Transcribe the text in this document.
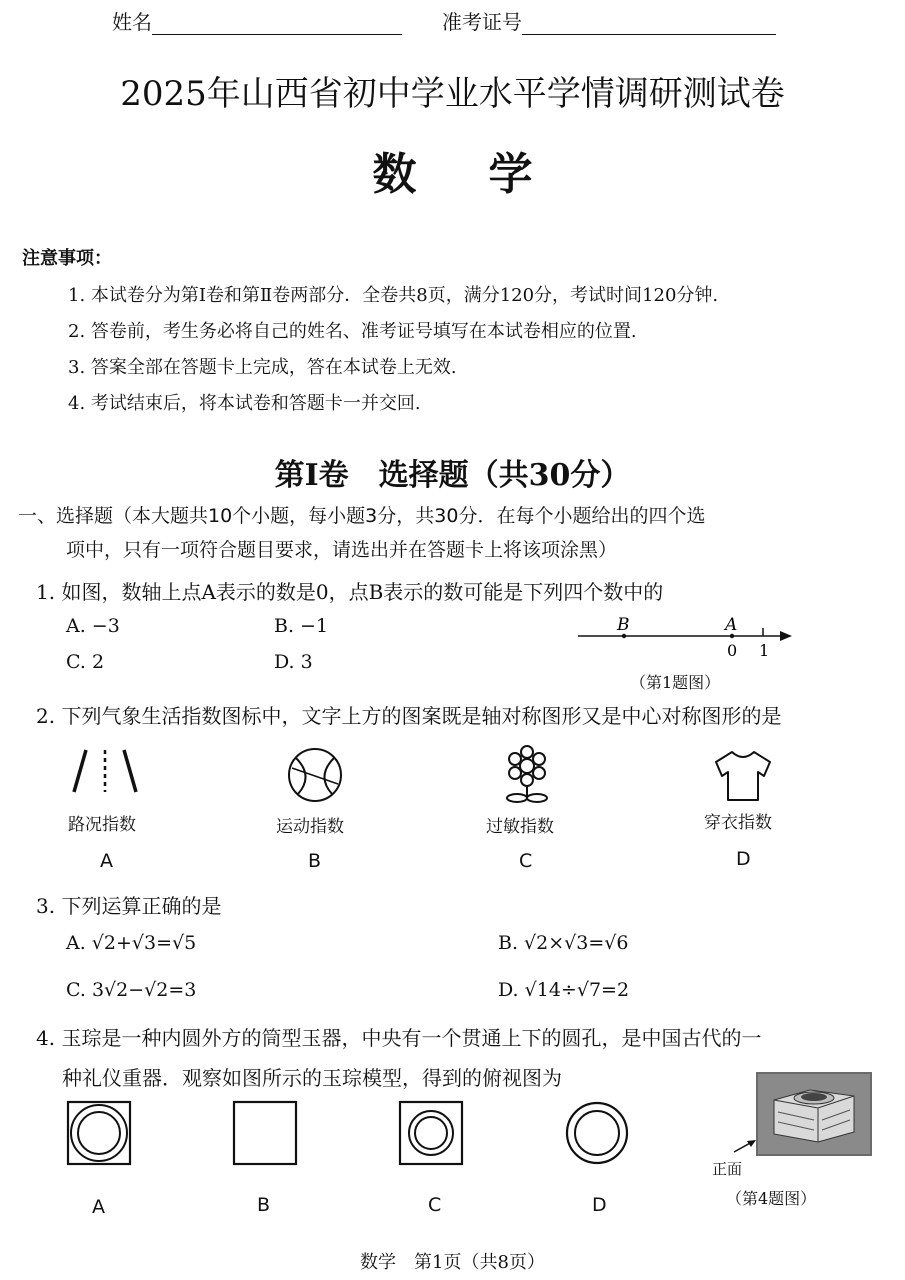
姓名	准考证号
2025年山西省初中学业水平学情调研测试卷
数学
注意事项：
1. 本试卷分为第Ⅰ卷和第Ⅱ卷两部分．全卷共8页，满分120分，考试时间120分钟.
2. 答卷前，考生务必将自己的姓名、准考证号填写在本试卷相应的位置.
3. 答案全部在答题卡上完成，答在本试卷上无效.
4. 考试结束后，将本试卷和答题卡一并交回.
第Ⅰ卷　选择题（共30分）
一、选择题（本大题共10个小题，每小题3分，共30分．在每个小题给出的四个选
项中，只有一项符合题目要求，请选出并在答题卡上将该项涂黑）
1. 如图，数轴上点A表示的数是0，点B表示的数可能是下列四个数中的
A. −3	B. −1
C. 2	D. 3
B	A
0 1
（第1题图）
2. 下列气象生活指数图标中，文字上方的图案既是轴对称图形又是中心对称图形的是
路况指数	运动指数	过敏指数	穿衣指数
A	B	C	D
3. 下列运算正确的是
A. √2+√3=√5	B. √2×√3=√6
C. 3√2−√2=3	D. √14÷√7=2
4. 玉琮是一种内圆外方的筒型玉器，中央有一个贯通上下的圆孔，是中国古代的一
种礼仪重器．观察如图所示的玉琮模型，得到的俯视图为
正面
（第4题图）
A	B	C	D
数学　第1页（共8页）
